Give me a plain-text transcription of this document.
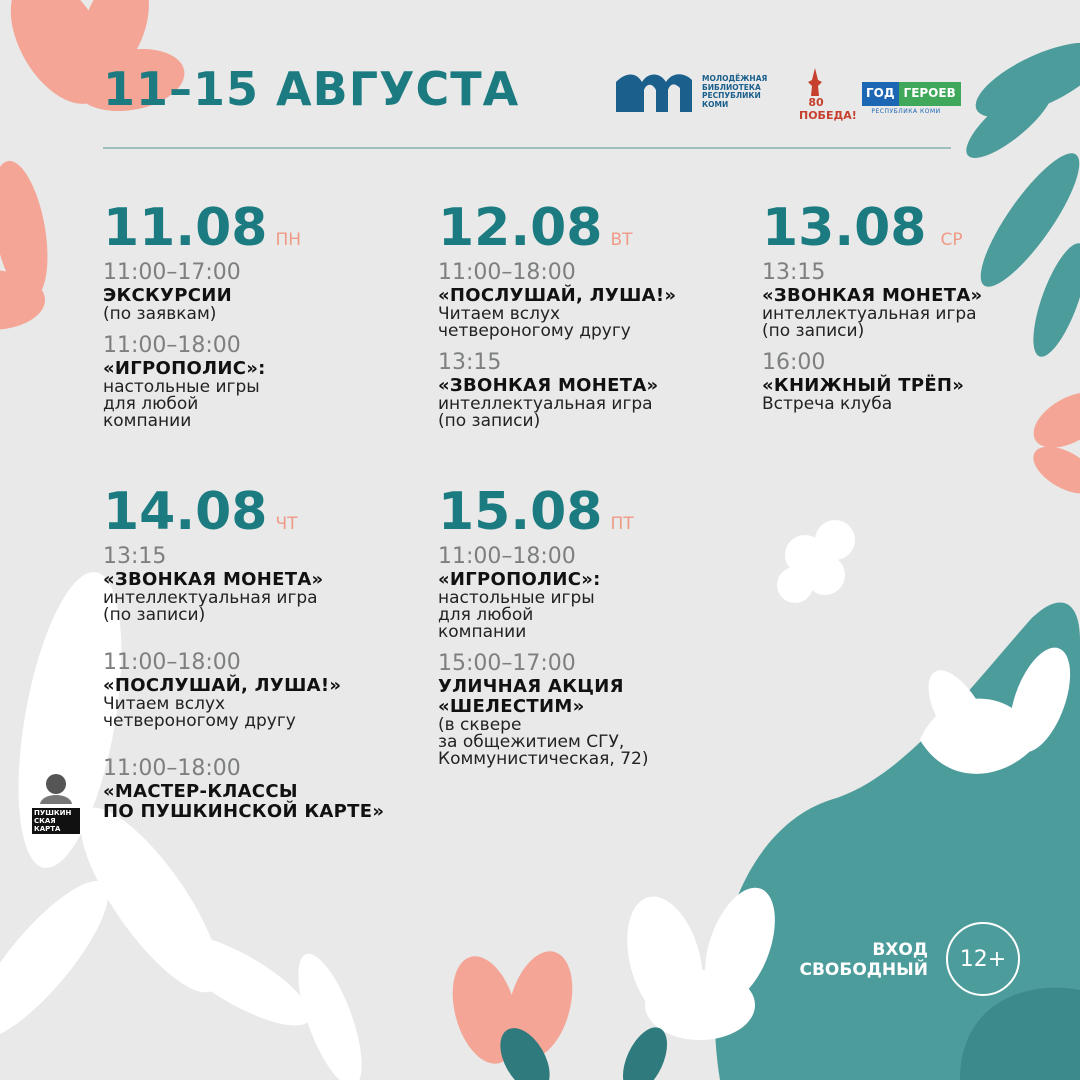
11–15 АВГУСТА	МОЛОДЁЖНАЯ БИБЛИОТЕКА РЕСПУБЛИКИ КОМИ	80 ПОБЕДА!
ГОД ГЕРОЕВ
РЕСПУБЛИКА КОМИ
11.08 ПН
11:00–17:00
ЭКСКУРСИИ
(по заявкам)
11:00–18:00
«ИГРОПОЛИС»:
настольные игры
для любой
компании
12.08 ВТ
11:00–18:00
«ПОСЛУШАЙ, ЛУША!»
Читаем вслух
четвероногому другу
13:15
«ЗВОНКАЯ МОНЕТА»
интеллектуальная игра
(по записи)
13.08 СР
13:15
«ЗВОНКАЯ МОНЕТА»
интеллектуальная игра
(по записи)
16:00
«КНИЖНЫЙ ТРЁП»
Встреча клуба
14.08 ЧТ
13:15
«ЗВОНКАЯ МОНЕТА»
интеллектуальная игра
(по записи)
11:00–18:00
«ПОСЛУШАЙ, ЛУША!»
Читаем вслух
четвероногому другу
11:00–18:00
«МАСТЕР-КЛАССЫ
ПО ПУШКИНСКОЙ КАРТЕ»
15.08 ПТ
11:00–18:00
«ИГРОПОЛИС»:
настольные игры
для любой
компании
15:00–17:00
УЛИЧНАЯ АКЦИЯ
«ШЕЛЕСТИМ»
(в сквере
за общежитием СГУ,
Коммунистическая, 72)
ПУШКИН СКАЯ КАРТА
ВХОД СВОБОДНЫЙ	12+
